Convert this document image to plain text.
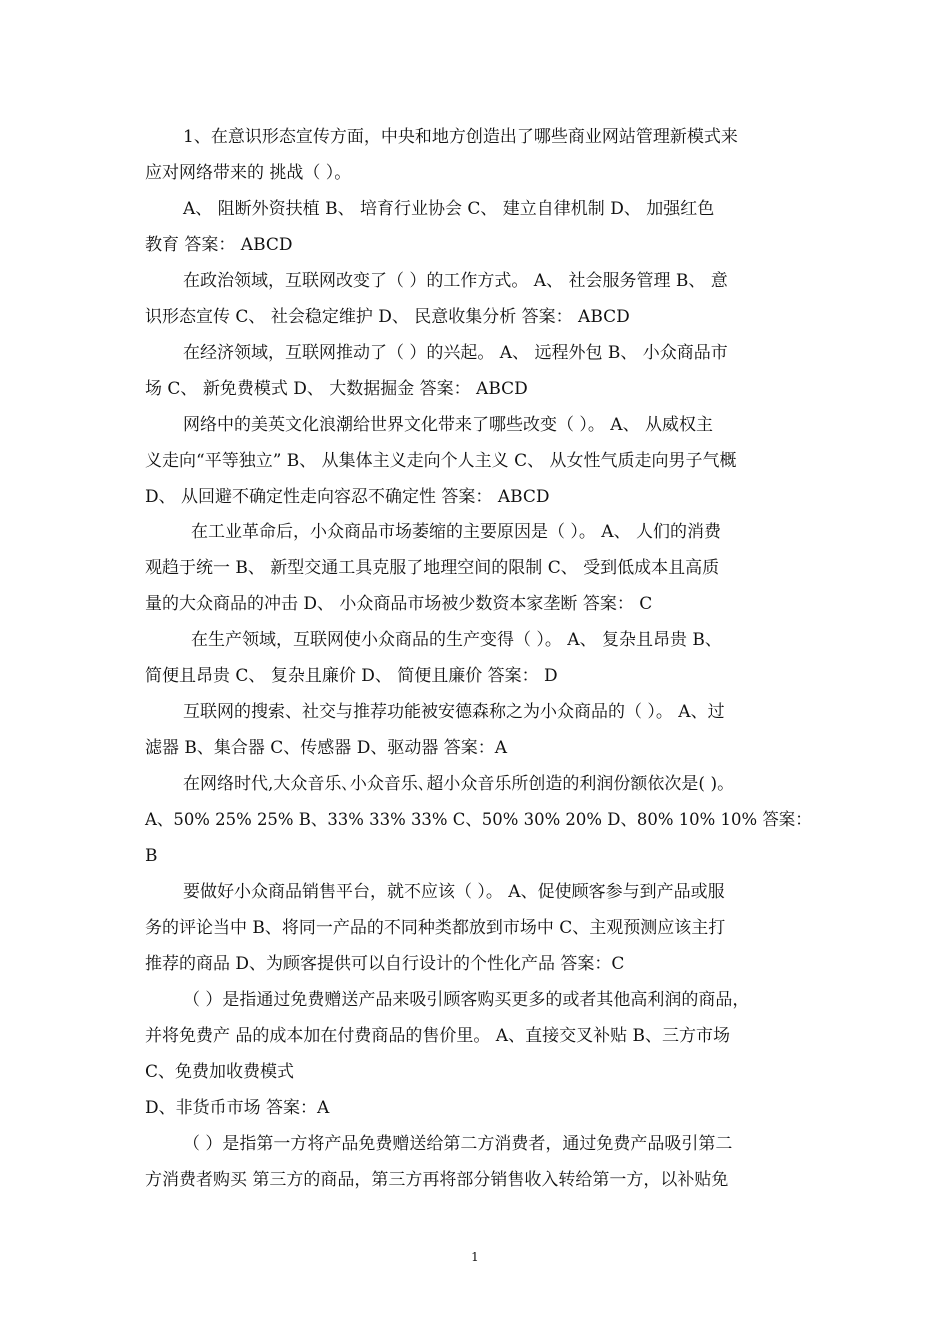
1、在意识形态宣传方面，中央和地方创造出了哪些商业网站管理新模式来
应对网络带来的 挑战（ ）。
A、 阻断外资扶植 B、 培育行业协会 C、 建立自律机制 D、 加强红色
教育 答案： ABCD
在政治领域，互联网改变了（ ）的工作方式。 A、 社会服务管理 B、 意
识形态宣传 C、 社会稳定维护 D、 民意收集分析 答案： ABCD
在经济领域，互联网推动了（ ）的兴起。 A、 远程外包 B、 小众商品市
场 C、 新免费模式 D、 大数据掘金 答案： ABCD
网络中的美英文化浪潮给世界文化带来了哪些改变（ ）。 A、 从威权主
义走向“平等独立” B、 从集体主义走向个人主义 C、 从女性气质走向男子气概
D、 从回避不确定性走向容忍不确定性 答案： ABCD
在工业革命后，小众商品市场萎缩的主要原因是（ ）。 A、 人们的消费
观趋于统一 B、 新型交通工具克服了地理空间的限制 C、 受到低成本且高质
量的大众商品的冲击 D、 小众商品市场被少数资本家垄断 答案： C
在生产领域，互联网使小众商品的生产变得（ ）。 A、 复杂且昂贵 B、
简便且昂贵 C、 复杂且廉价 D、 简便且廉价 答案： D
互联网的搜索、社交与推荐功能被安德森称之为小众商品的（ ）。 A、过
滤器 B、集合器 C、传感器 D、驱动器 答案：A
在网络时代,大众音乐､小众音乐､超小众音乐所创造的利润份额依次是( )｡
A、50% 25% 25% B、33% 33% 33% C、50% 30% 20% D、80% 10% 10% 答案：
B
要做好小众商品销售平台，就不应该（ ）。 A、促使顾客参与到产品或服
务的评论当中 B、将同一产品的不同种类都放到市场中 C、主观预测应该主打
推荐的商品 D、为顾客提供可以自行设计的个性化产品 答案：C
（ ）是指通过免费赠送产品来吸引顾客购买更多的或者其他高利润的商品，
并将免费产 品的成本加在付费商品的售价里。 A、直接交叉补贴 B、三方市场
C、免费加收费模式
D、非货币市场 答案：A
（ ）是指第一方将产品免费赠送给第二方消费者，通过免费产品吸引第二
方消费者购买 第三方的商品，第三方再将部分销售收入转给第一方，以补贴免
1
